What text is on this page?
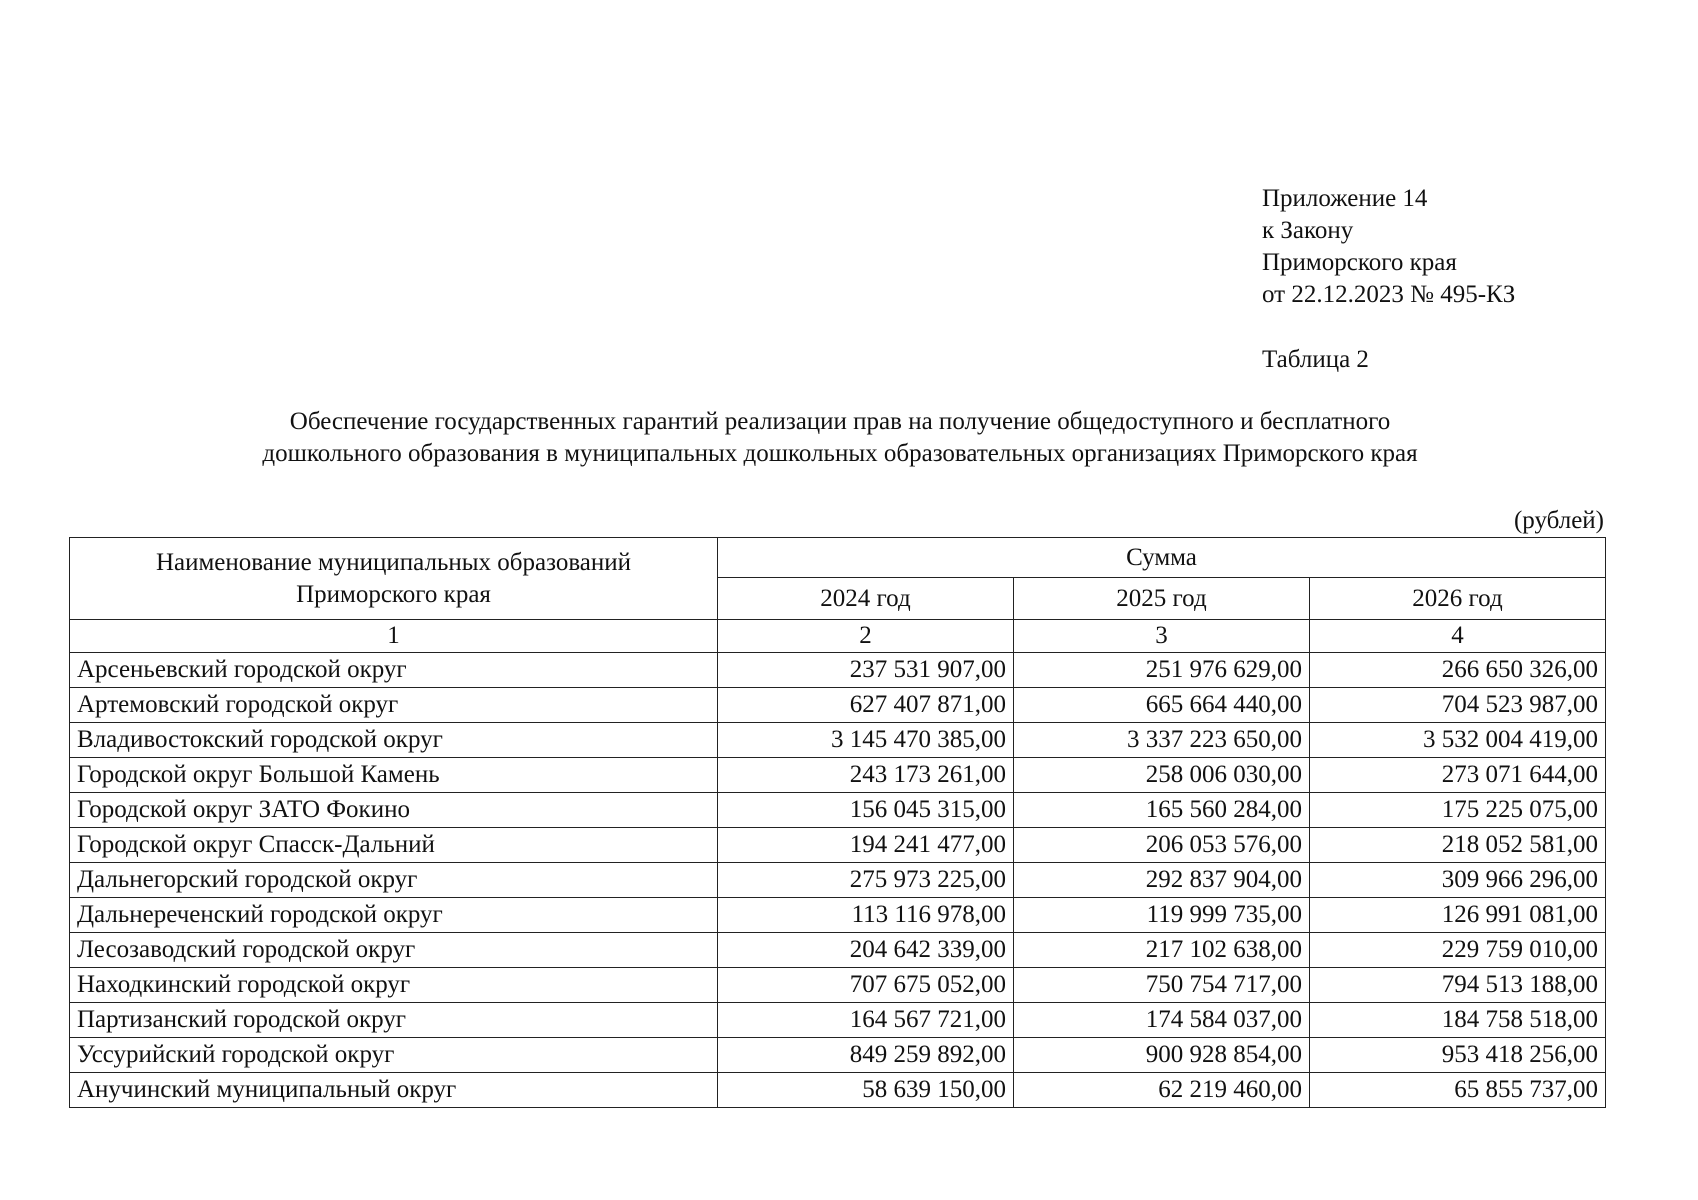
Приложение 14
к Закону
Приморского края
от 22.12.2023 № 495-КЗ
Таблица 2
Обеспечение государственных гарантий реализации прав на получение общедоступного и бесплатного
дошкольного образования в муниципальных дошкольных образовательных организациях Приморского края
(рублей)
Наименование муниципальных образований
Приморского края	Сумма		
	2024 год	2025 год	2026 год
1	2	3	4
Арсеньевский городской округ	237 531 907,00	251 976 629,00	266 650 326,00
Артемовский городской округ	627 407 871,00	665 664 440,00	704 523 987,00
Владивостокский городской округ	3 145 470 385,00	3 337 223 650,00	3 532 004 419,00
Городской округ Большой Камень	243 173 261,00	258 006 030,00	273 071 644,00
Городской округ ЗАТО Фокино	156 045 315,00	165 560 284,00	175 225 075,00
Городской округ Спасск-Дальний	194 241 477,00	206 053 576,00	218 052 581,00
Дальнегорский городской округ	275 973 225,00	292 837 904,00	309 966 296,00
Дальнереченский городской округ	113 116 978,00	119 999 735,00	126 991 081,00
Лесозаводский городской округ	204 642 339,00	217 102 638,00	229 759 010,00
Находкинский городской округ	707 675 052,00	750 754 717,00	794 513 188,00
Партизанский городской округ	164 567 721,00	174 584 037,00	184 758 518,00
Уссурийский городской округ	849 259 892,00	900 928 854,00	953 418 256,00
Анучинский муниципальный округ	58 639 150,00	62 219 460,00	65 855 737,00
